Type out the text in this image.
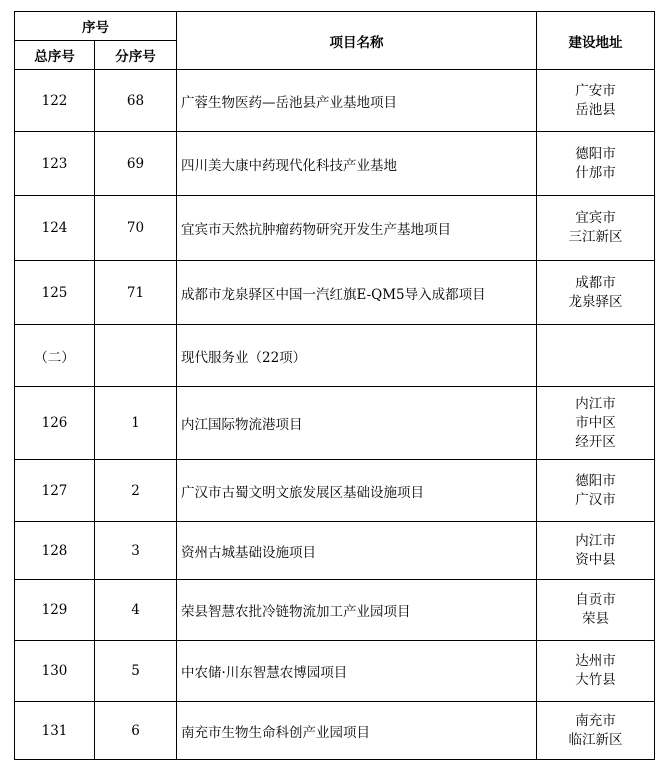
序号		项目名称	建设地址
总序号	分序号		
122	68	广蓉生物医药—岳池县产业基地项目	广安市
岳池县

123	69	四川美大康中药现代化科技产业基地	德阳市
什邡市

124	70	宜宾市天然抗肿瘤药物研究开发生产基地项目	宜宾市
三江新区

125	71	成都市龙泉驿区中国一汽红旗E-QM5导入成都项目	成都市
龙泉驿区

（二）		现代服务业（22项）	
126	1	内江国际物流港项目	内江市
市中区
经开区

127	2	广汉市古蜀文明文旅发展区基础设施项目	德阳市
广汉市

128	3	资州古城基础设施项目	内江市
资中县

129	4	荣县智慧农批冷链物流加工产业园项目	自贡市
荣县

130	5	中农储·川东智慧农博园项目	达州市
大竹县

131	6	南充市生物生命科创产业园项目	南充市
临江新区
